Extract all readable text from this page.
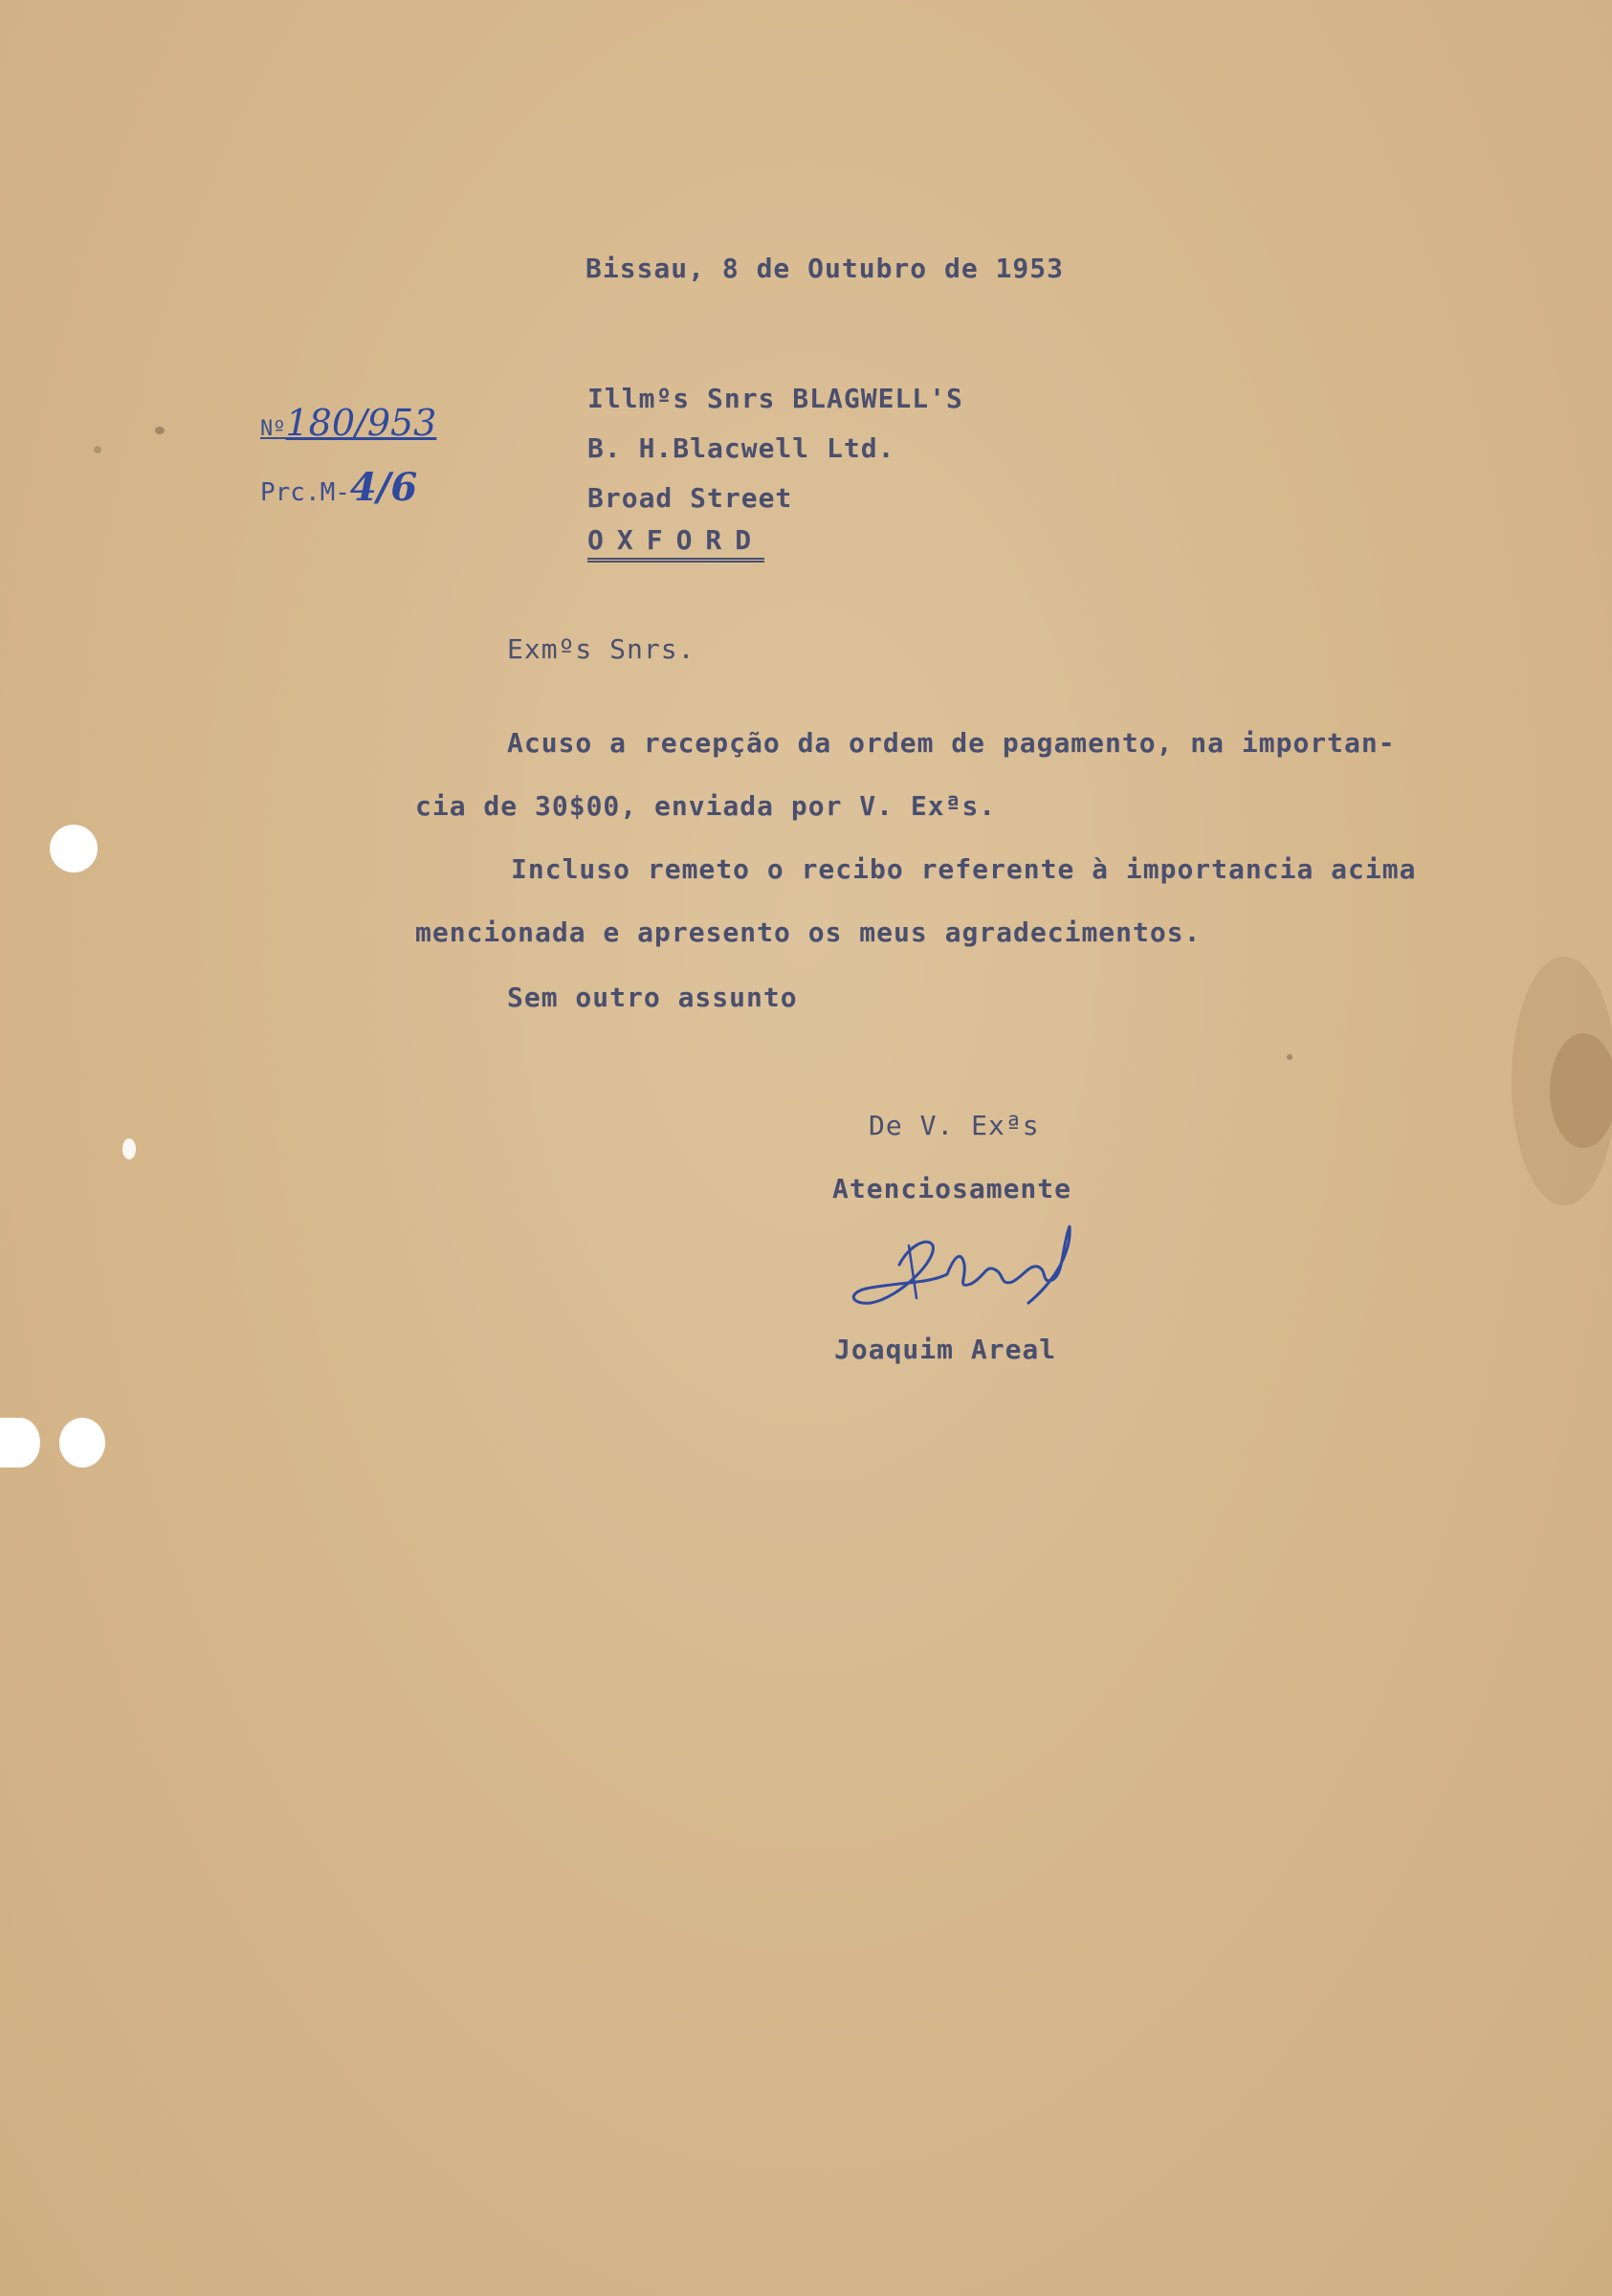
Bissau, 8 de Outubro de 1953
Nº180/953
Prc.M-4/6
Illmºs Snrs BLAGWELL'S
B. H.Blacwell Ltd.
Broad Street
OXFORD
Exmºs Snrs.
Acuso a recepção da ordem de pagamento, na importan-
cia de 30$00, enviada por V. Exªs.
Incluso remeto o recibo referente à importancia acima
mencionada e apresento os meus agradecimentos.
Sem outro assunto
De V. Exªs
Atenciosamente
Joaquim Areal
